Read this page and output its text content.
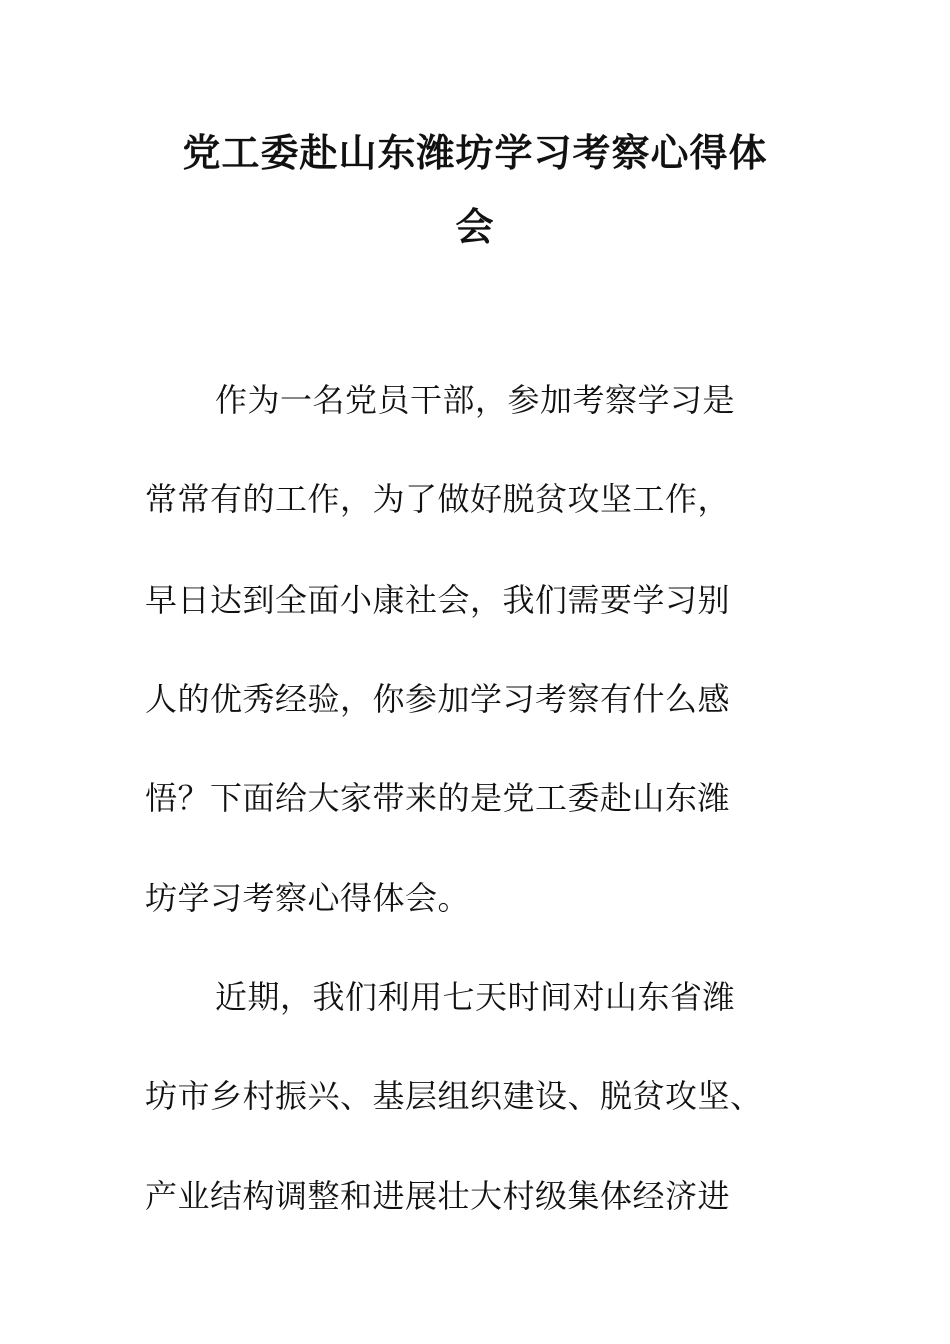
党工委赴山东潍坊学习考察心得体
会

作为一名党员干部，参加考察学习是

常常有的工作，为了做好脱贫攻坚工作，

早日达到全面小康社会，我们需要学习别

人的优秀经验，你参加学习考察有什么感

悟？下面给大家带来的是党工委赴山东潍

坊学习考察心得体会。

近期，我们利用七天时间对山东省潍

坊市乡村振兴、基层组织建设、脱贫攻坚、

产业结构调整和进展壮大村级集体经济进
